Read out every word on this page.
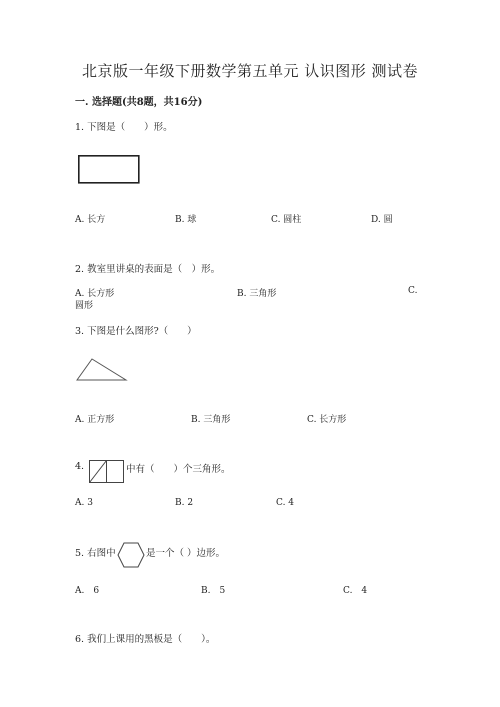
北京版一年级下册数学第五单元 认识图形 测试卷
一. 选择题(共8题，共16分)
1. 下图是（　　）形。
A. 长方	B. 球	C. 圆柱	D. 圆
2. 教室里讲桌的表面是（　）形。
A. 长方形	B. 三角形	C.
圆形
3. 下图是什么图形?（　　）
A. 正方形	B. 三角形	C. 长方形
4.	中有（　　）个三角形。
A. 3	B. 2	C. 4
5. 右图中	是一个（ ）边形。
A.　6	B.　5	C.　4
6. 我们上课用的黑板是（　　）。
